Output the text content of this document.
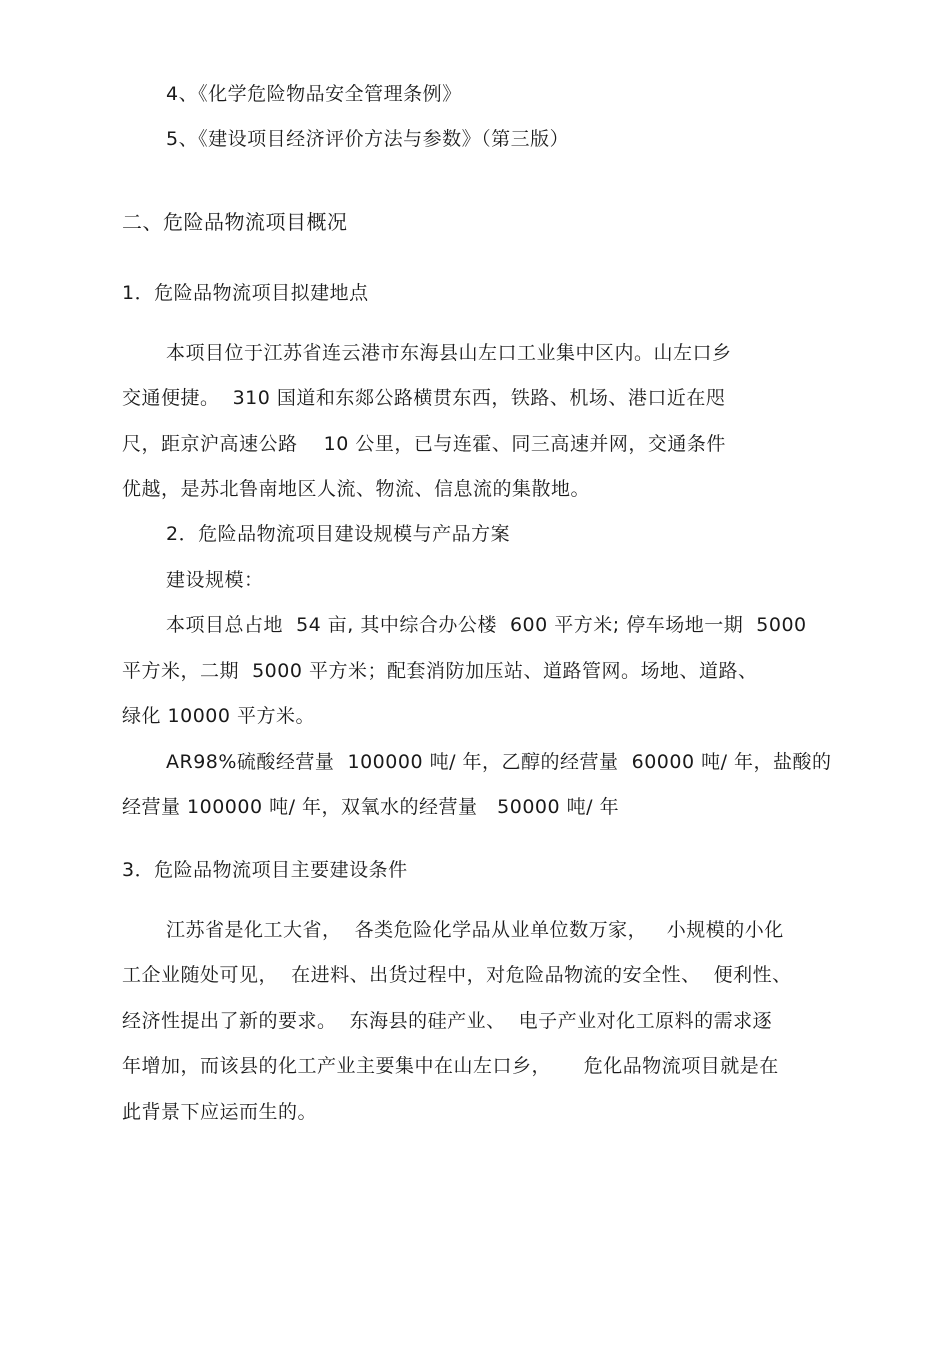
4、《化学危险物品安全管理条例》
5、《建设项目经济评价方法与参数》（第三版）
二、危险品物流项目概况
1．危险品物流项目拟建地点
本项目位于江苏省连云港市东海县山左口工业集中区内。山左口乡
交通便捷。  310 国道和东郯公路横贯东西，铁路、机场、港口近在咫
尺，距京沪高速公路    10 公里，已与连霍、同三高速并网，交通条件
优越，是苏北鲁南地区人流、物流、信息流的集散地。
2．危险品物流项目建设规模与产品方案
建设规模：
本项目总占地  54 亩, 其中综合办公楼  600 平方米; 停车场地一期  5000
平方米，二期  5000 平方米；配套消防加压站、道路管网。场地、道路、
绿化 10000 平方米。
AR98%硫酸经营量  100000 吨/ 年，乙醇的经营量  60000 吨/ 年，盐酸的
经营量 100000 吨/ 年，双氧水的经营量   50000 吨/ 年
3．危险品物流项目主要建设条件
江苏省是化工大省，  各类危险化学品从业单位数万家，   小规模的小化
工企业随处可见，  在进料、出货过程中，对危险品物流的安全性、  便利性、
经济性提出了新的要求。  东海县的硅产业、  电子产业对化工原料的需求逐
年增加，而该县的化工产业主要集中在山左口乡，     危化品物流项目就是在
此背景下应运而生的。
